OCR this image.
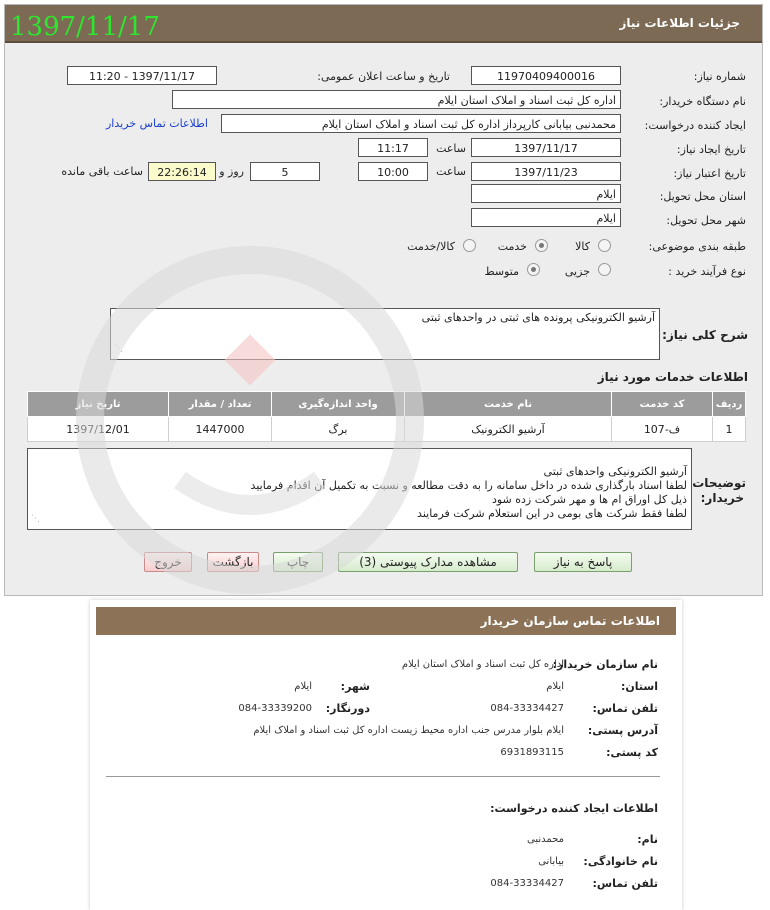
جزئیات اطلاعات نیاز
1397/11/17
شماره نیاز:
11970409400016
تاریخ و ساعت اعلان عمومی:
1397/11/17 - 11:20
نام دستگاه خریدار:
اداره کل ثبت اسناد و املاک استان ایلام
ایجاد کننده درخواست:
محمدنبی بیابانی کارپرداز اداره کل ثبت اسناد و املاک استان ایلام
اطلاعات تماس خریدار
تاریخ ایجاد نیاز:
1397/11/17
ساعت
11:17
تاریخ اعتبار نیاز:
1397/11/23
ساعت
10:00
5
روز و
22:26:14
ساعت باقی مانده
استان محل تحویل:
ایلام
شهر محل تحویل:
ایلام
طبقه بندی موضوعی:
کالا
خدمت
کالا/خدمت
نوع فرآیند خرید :
جزیی
متوسط
شرح کلی نیاز:
آرشیو الکترونیکی پرونده های ثبتی در واحدهای ثبتی
⋰
اطلاعات خدمات مورد نیاز
ردیف	کد خدمت	نام خدمت	واحد اندازه‌گیری	تعداد / مقدار	تاریخ نیاز
1	ف-107	آرشیو الکترونیک	برگ	1447000	1397/12/01
توضیحات
خریدار:

آرشیو الکترونیکی واحدهای ثبتی
لطفا اسناد بارگذاری شده در داخل سامانه را به دقت مطالعه و نسبت به تکمیل آن اقدام فرمایید
ذیل کل اوراق ام ها و مهر شرکت زده شود
لطفا فقط شرکت های بومی در این استعلام شرکت فرمایند

⋰

پاسخ به نیاز
مشاهده مدارک پیوستی (3)
چاپ
بازگشت
خروج
اطلاعات تماس سازمان خریدار
نام سازمان خریدار:
اداره کل ثبت اسناد و املاک استان ایلام
استان:
ایلام
شهر:
ایلام
تلفن تماس:
084-33334427
دورنگار:
084-33339200
آدرس پستی:
ایلام بلوار مدرس جنب اداره محیط زیست اداره کل ثبت اسناد و املاک ایلام
کد پستی:
6931893115
اطلاعات ایجاد کننده درخواست:
نام:
محمدنبی
نام خانوادگی:
بیابانی
تلفن تماس:
084-33334427
